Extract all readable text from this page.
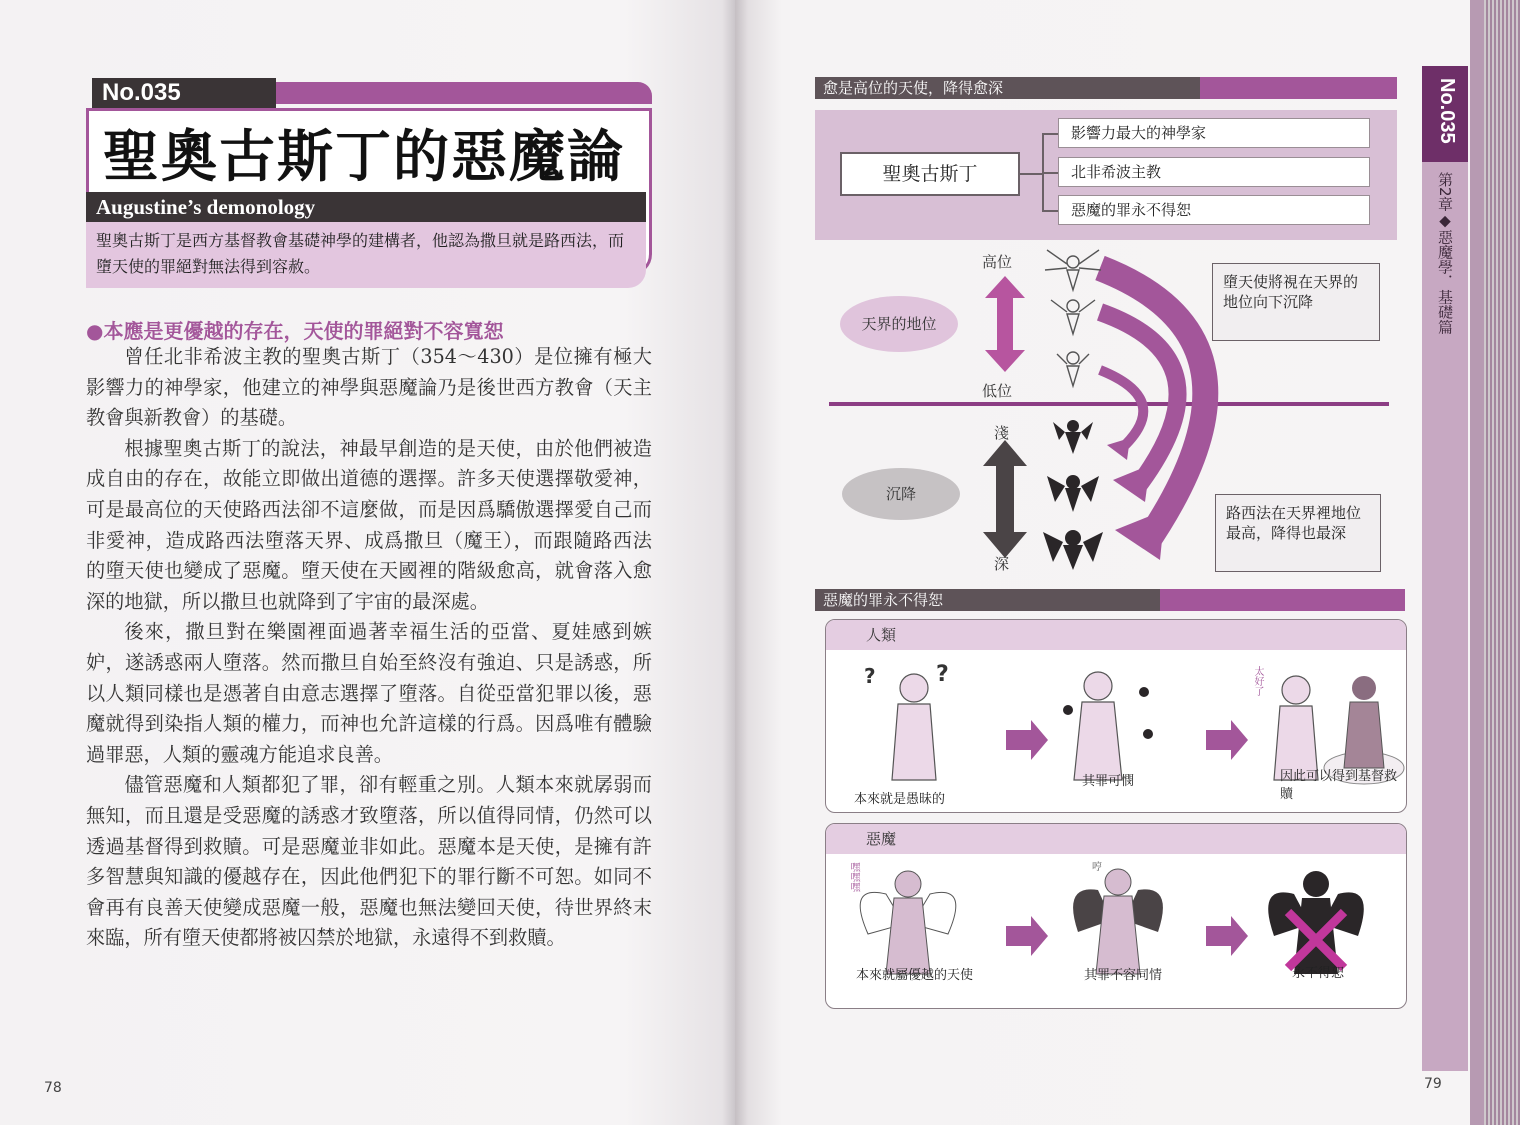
No.035
聖奧古斯丁的惡魔論
Augustine’s demonology
聖奧古斯丁是西方基督教會基礎神學的建構者，他認為撒旦就是路西法，而墮天使的罪絕對無法得到容赦。
●本應是更優越的存在，天使的罪絕對不容寬恕

曾任北非希波主教的聖奧古斯丁（354～430）是位擁有極大影響力的神學家，他建立的神學與惡魔論乃是後世西方教會（天主教會與新教會）的基礎。

根據聖奧古斯丁的說法，神最早創造的是天使，由於他們被造成自由的存在，故能立即做出道德的選擇。許多天使選擇敬愛神，可是最高位的天使路西法卻不這麼做，而是因爲驕傲選擇愛自己而非愛神，造成路西法墮落天界、成爲撒旦（魔王），而跟隨路西法的墮天使也變成了惡魔。墮天使在天國裡的階級愈高，就會落入愈深的地獄，所以撒旦也就降到了宇宙的最深處。

後來，撒旦對在樂園裡面過著幸福生活的亞當、夏娃感到嫉妒，遂誘惑兩人墮落。然而撒旦自始至終沒有強迫、只是誘惑，所以人類同樣也是憑著自由意志選擇了墮落。自從亞當犯罪以後，惡魔就得到染指人類的權力，而神也允許這樣的行爲。因爲唯有體驗過罪惡，人類的靈魂方能追求良善。

儘管惡魔和人類都犯了罪，卻有輕重之別。人類本來就孱弱而無知，而且還是受惡魔的誘惑才致墮落，所以值得同情，仍然可以透過基督得到救贖。可是惡魔並非如此。惡魔本是天使，是擁有許多智慧與知識的優越存在，因此他們犯下的罪行斷不可恕。如同不會再有良善天使變成惡魔一般，惡魔也無法變回天使，待世界終末來臨，所有墮天使都將被囚禁於地獄，永遠得不到救贖。

78
愈是高位的天使，降得愈深
聖奧古斯丁
影響力最大的神學家
北非希波主教
惡魔的罪永不得恕
高位
低位
淺
深
天界的地位
沉降
墮天使將視在天界的地位向下沉降
路西法在天界裡地位最高，降得也最深
惡魔的罪永不得恕
人類
?	?	太好了
本來就是愚昧的
其罪可憫	因此可以得到基督救贖
惡魔
嘿嘿嘿	哼
本來就屬優越的天使	其罪不容同情	永不得恕
No.035
第2章◆惡魔學．基礎篇
79
